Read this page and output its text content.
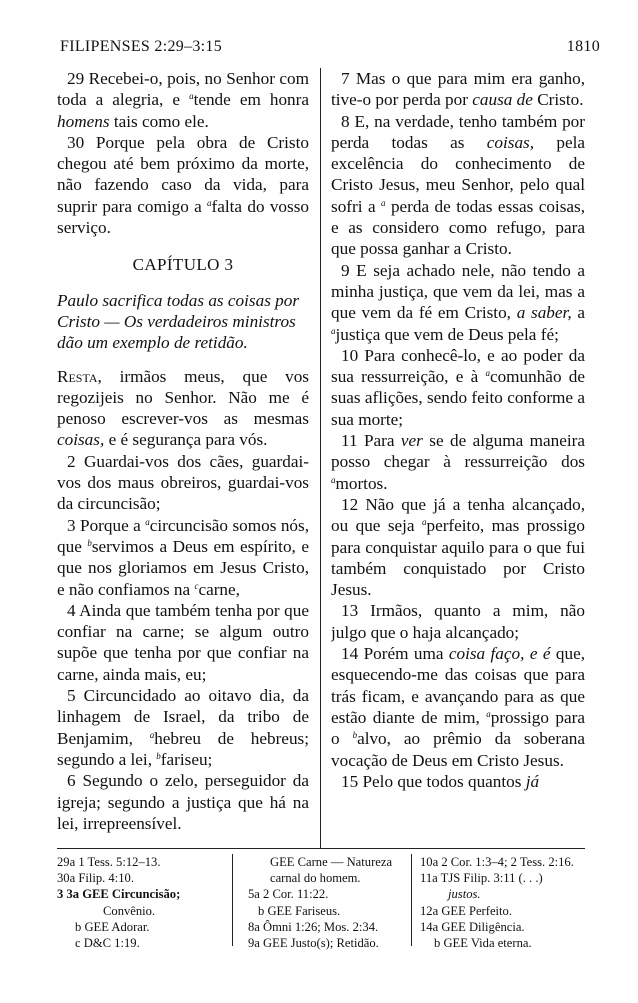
FILIPENSES 2:29–3:15	1810

29 Recebei-o, pois, no Senhor com toda a alegria, e $^a$tende em honra homens tais como ele.

30 Porque pela obra de Cristo chegou até bem próximo da morte, não fazendo caso da vida, para suprir para comigo a $^a$falta do vosso serviço.

CAPÍTULO 3

Paulo sacrifica todas as coisas por Cristo — Os verdadeiros ministros dão um exemplo de retidão.

Resta, irmãos meus, que vos regozijeis no Senhor. Não me é penoso escrever-vos as mesmas coisas, e é segurança para vós.

2 Guardai-vos dos cães, guardai-vos dos maus obreiros, guardai-vos da circuncisão;

3 Porque a $^a$circuncisão somos nós, que $^b$servimos a Deus em espírito, e que nos gloriamos em Jesus Cristo, e não confiamos na $^c$carne,

4 Ainda que também tenha por que confiar na carne; se algum outro supõe que tenha por que confiar na carne, ainda mais, eu;

5 Circuncidado ao oitavo dia, da linhagem de Israel, da tribo de Benjamim, $^a$hebreu de hebreus; segundo a lei, $^b$fariseu;

6 Segundo o zelo, perseguidor da igreja; segundo a justiça que há na lei, irrepreensível.

7 Mas o que para mim era ganho, tive-o por perda por causa de Cristo.

8 E, na verdade, tenho também por perda todas as coisas, pela excelência do conhecimento de Cristo Jesus, meu Senhor, pelo qual sofri a $^a$ perda de todas essas coisas, e as considero como refugo, para que possa ganhar a Cristo.

9 E seja achado nele, não tendo a minha justiça, que vem da lei, mas a que vem da fé em Cristo, a saber, a $^a$justiça que vem de Deus pela fé;

10 Para conhecê-lo, e ao poder da sua ressurreição, e à $^a$comunhão de suas aflições, sendo feito conforme a sua morte;

11 Para ver se de alguma maneira posso chegar à ressurreição dos $^a$mortos.

12 Não que já a tenha alcançado, ou que seja $^a$perfeito, mas prossigo para conquistar aquilo para o que fui também conquistado por Cristo Jesus.

13 Irmãos, quanto a mim, não julgo que o haja alcançado;

14 Porém uma coisa faço, e é que, esquecendo-me das coisas que para trás ficam, e avançando para as que estão diante de mim, $^a$prossigo para o $^b$alvo, ao prêmio da soberana vocação de Deus em Cristo Jesus.

15 Pelo que todos quantos já

29a 1 Tess. 5:12–13.
30a Filip. 4:10.
3 3a GEE Circuncisão;
Convênio.
b GEE Adorar.
c D&C 1:19.
GEE Carne — Natureza
carnal do homem.
5a 2 Cor. 11:22.
b GEE Fariseus.
8a Ômni 1:26; Mos. 2:34.
9a GEE Justo(s); Retidão.
10a 2 Cor. 1:3–4; 2 Tess. 2:16.
11a TJS Filip. 3:11 (. . .)
justos.
12a GEE Perfeito.
14a GEE Diligência.
b GEE Vida eterna.
